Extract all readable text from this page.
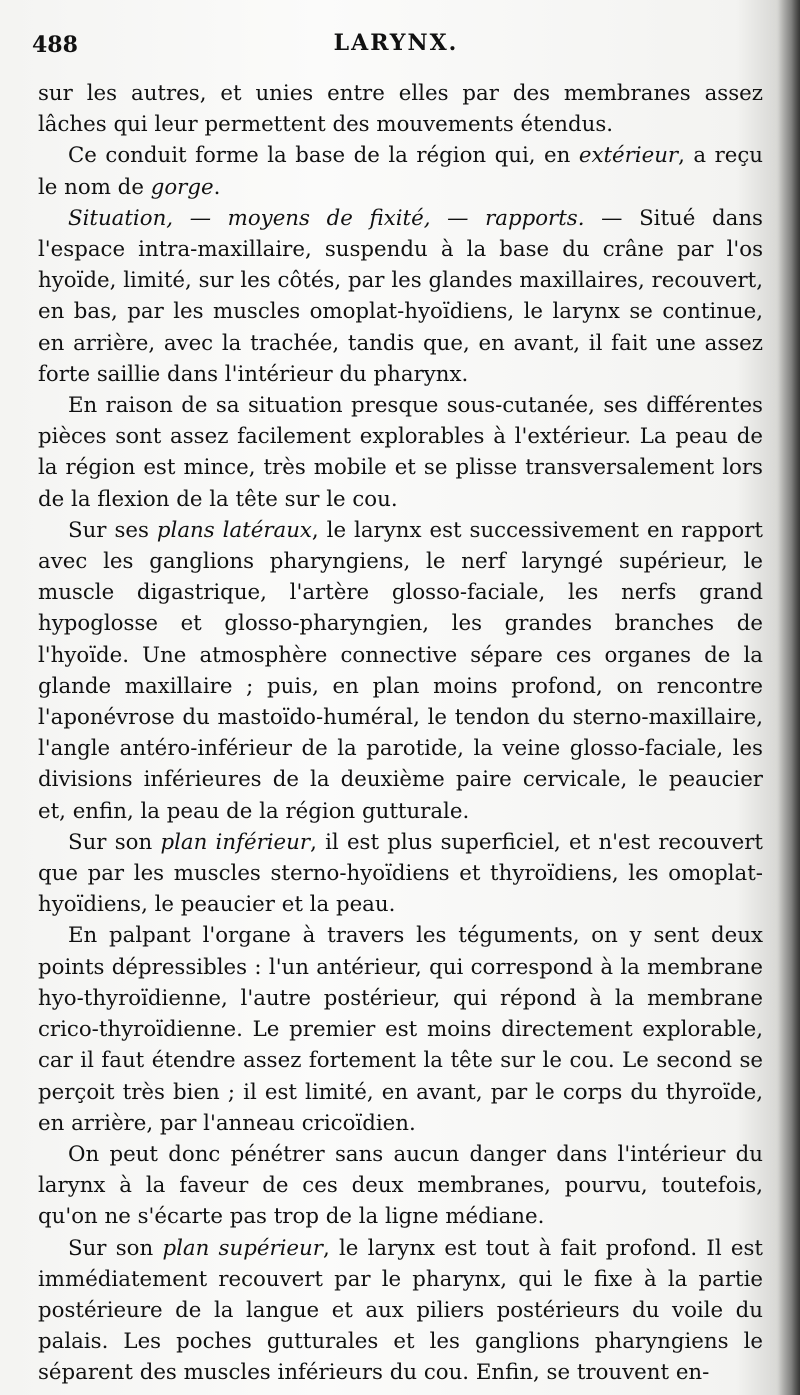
488	LARYNX.

sur les autres, et unies entre elles par des membranes assez lâches qui leur permettent des mouvements étendus.

Ce conduit forme la base de la région qui, en extérieur, a reçu le nom de gorge.

Situation, — moyens de fixité, — rapports. — Situé dans l'espace intra-maxillaire, suspendu à la base du crâne par l'os hyoïde, limité, sur les côtés, par les glandes maxillaires, recouvert, en bas, par les muscles omoplat-hyoïdiens, le larynx se continue, en arrière, avec la trachée, tandis que, en avant, il fait une assez forte saillie dans l'intérieur du pharynx.

En raison de sa situation presque sous-cutanée, ses différentes pièces sont assez facilement explorables à l'extérieur. La peau de la région est mince, très mobile et se plisse transversalement lors de la flexion de la tête sur le cou.

Sur ses plans latéraux, le larynx est successivement en rapport avec les ganglions pharyngiens, le nerf laryngé supérieur, le muscle digastrique, l'artère glosso-faciale, les nerfs grand hypoglosse et glosso-pharyngien, les grandes branches de l'hyoïde. Une atmosphère connective sépare ces organes de la glande maxillaire ; puis, en plan moins profond, on rencontre l'aponévrose du mastoïdo-huméral, le tendon du sterno-maxillaire, l'angle antéro-inférieur de la parotide, la veine glosso-faciale, les divisions inférieures de la deuxième paire cervicale, le peaucier et, enfin, la peau de la région gutturale.

Sur son plan inférieur, il est plus superficiel, et n'est recouvert que par les muscles sterno-hyoïdiens et thyroïdiens, les omoplat-hyoïdiens, le peaucier et la peau.

En palpant l'organe à travers les téguments, on y sent deux points dépressibles : l'un antérieur, qui correspond à la membrane hyo-thyroïdienne, l'autre postérieur, qui répond à la membrane crico-thyroïdienne. Le premier est moins directement explorable, car il faut étendre assez fortement la tête sur le cou. Le second se perçoit très bien ; il est limité, en avant, par le corps du thyroïde, en arrière, par l'anneau cricoïdien.

On peut donc pénétrer sans aucun danger dans l'intérieur du larynx à la faveur de ces deux membranes, pourvu, toutefois, qu'on ne s'écarte pas trop de la ligne médiane.

Sur son plan supérieur, le larynx est tout à fait profond. Il est immédiatement recouvert par le pharynx, qui le fixe à la partie postérieure de la langue et aux piliers postérieurs du voile du palais. Les poches gutturales et les ganglions pharyngiens le séparent des muscles inférieurs du cou. Enfin, se trouvent en-
